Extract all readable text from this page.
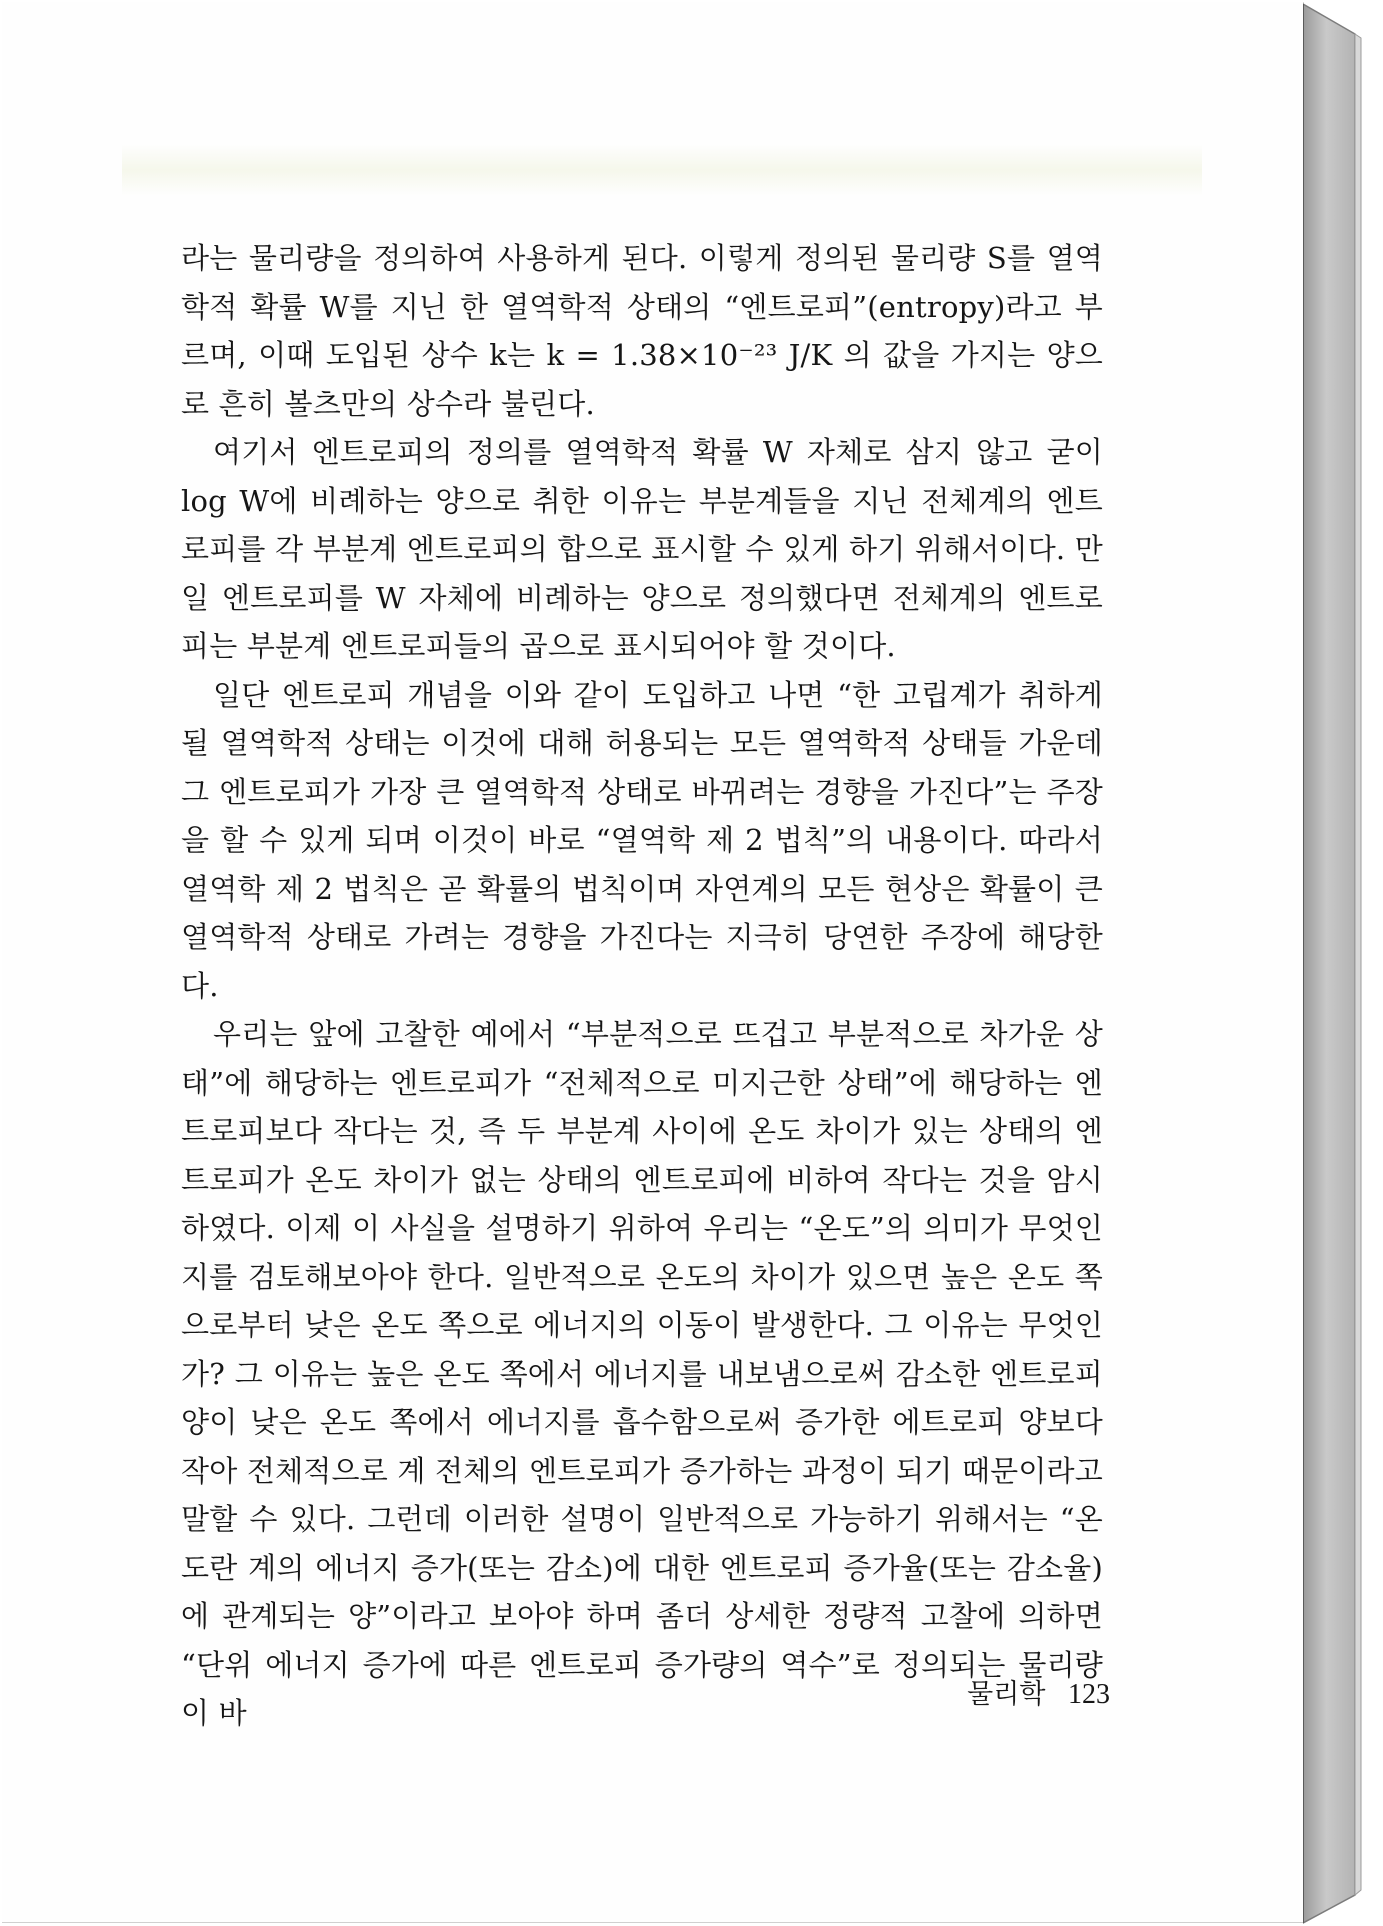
라는 물리량을 정의하여 사용하게 된다. 이렇게 정의된 물리량 S를 열역학적 확률 W를 지닌 한 열역학적 상태의 “엔트로피”(entropy)라고 부르며, 이때 도입된 상수 k는 k = 1.38×10⁻²³ J/K 의 값을 가지는 양으로 흔히 볼츠만의 상수라 불린다.

여기서 엔트로피의 정의를 열역학적 확률 W 자체로 삼지 않고 굳이 log W에 비례하는 양으로 취한 이유는 부분계들을 지닌 전체계의 엔트로피를 각 부분계 엔트로피의 합으로 표시할 수 있게 하기 위해서이다. 만일 엔트로피를 W 자체에 비례하는 양으로 정의했다면 전체계의 엔트로피는 부분계 엔트로피들의 곱으로 표시되어야 할 것이다.

일단 엔트로피 개념을 이와 같이 도입하고 나면 “한 고립계가 취하게 될 열역학적 상태는 이것에 대해 허용되는 모든 열역학적 상태들 가운데 그 엔트로피가 가장 큰 열역학적 상태로 바뀌려는 경향을 가진다”는 주장을 할 수 있게 되며 이것이 바로 “열역학 제 2 법칙”의 내용이다. 따라서 열역학 제 2 법칙은 곧 확률의 법칙이며 자연계의 모든 현상은 확률이 큰 열역학적 상태로 가려는 경향을 가진다는 지극히 당연한 주장에 해당한다.

우리는 앞에 고찰한 예에서 “부분적으로 뜨겁고 부분적으로 차가운 상태”에 해당하는 엔트로피가 “전체적으로 미지근한 상태”에 해당하는 엔트로피보다 작다는 것, 즉 두 부분계 사이에 온도 차이가 있는 상태의 엔트로피가 온도 차이가 없는 상태의 엔트로피에 비하여 작다는 것을 암시하였다. 이제 이 사실을 설명하기 위하여 우리는 “온도”의 의미가 무엇인지를 검토해보아야 한다. 일반적으로 온도의 차이가 있으면 높은 온도 쪽으로부터 낮은 온도 쪽으로 에너지의 이동이 발생한다. 그 이유는 무엇인가? 그 이유는 높은 온도 쪽에서 에너지를 내보냄으로써 감소한 엔트로피 양이 낮은 온도 쪽에서 에너지를 흡수함으로써 증가한 에트로피 양보다 작아 전체적으로 계 전체의 엔트로피가 증가하는 과정이 되기 때문이라고 말할 수 있다. 그런데 이러한 설명이 일반적으로 가능하기 위해서는 “온도란 계의 에너지 증가(또는 감소)에 대한 엔트로피 증가율(또는 감소율)에 관계되는 양”이라고 보아야 하며 좀더 상세한 정량적 고찰에 의하면 “단위 에너지 증가에 따른 엔트로피 증가량의 역수”로 정의되는 물리량이 바

물리학 123
